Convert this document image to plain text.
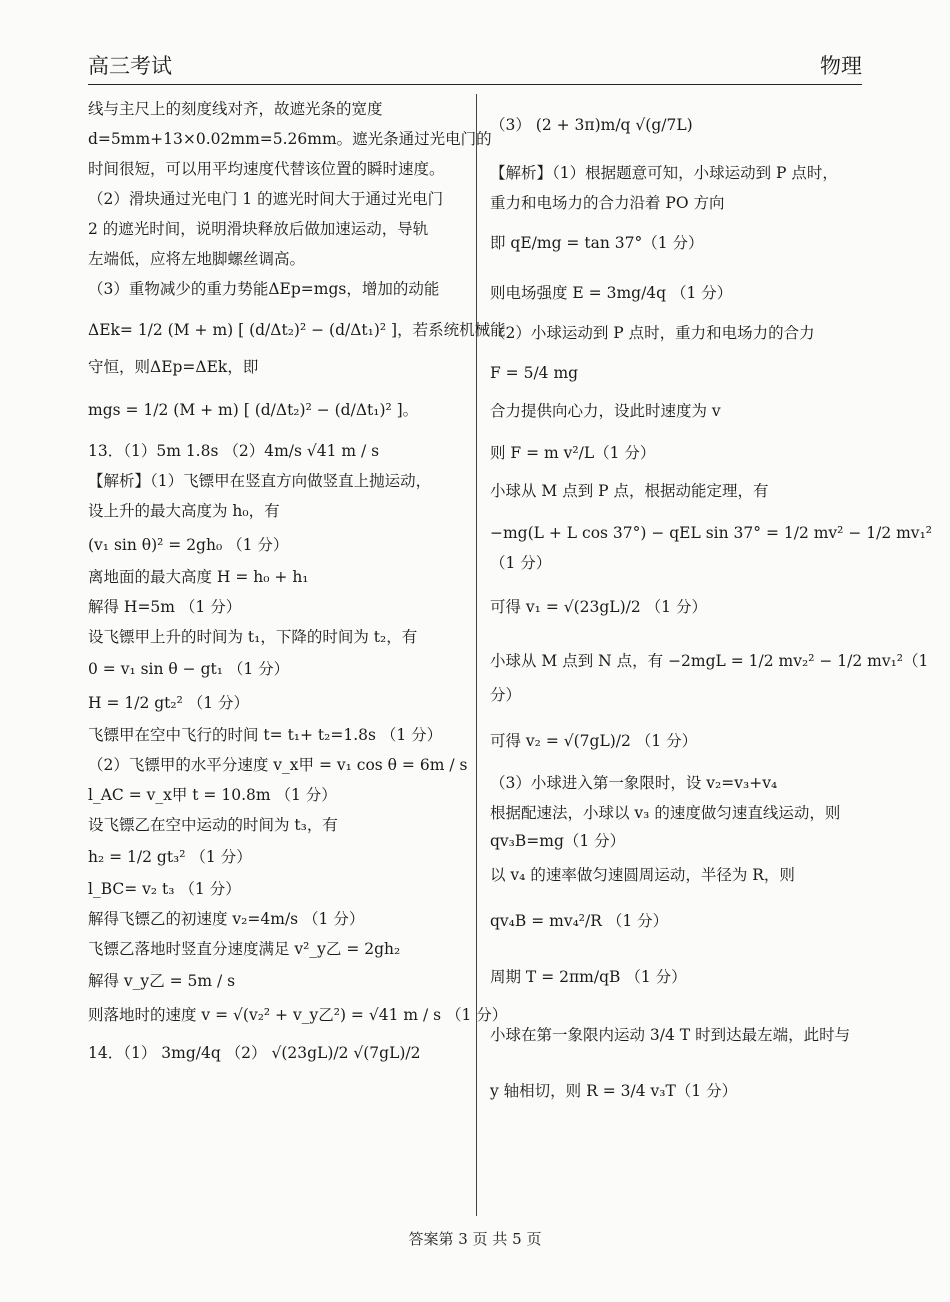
高三考试	物理
线与主尺上的刻度线对齐，故遮光条的宽度
d=5mm+13×0.02mm=5.26mm。遮光条通过光电门的
时间很短，可以用平均速度代替该位置的瞬时速度。
（2）滑块通过光电门 1 的遮光时间大于通过光电门
2 的遮光时间，说明滑块释放后做加速运动，导轨
左端低，应将左地脚螺丝调高。
（3）重物减少的重力势能ΔEp=mgs，增加的动能
ΔEk= 1/2 (M + m) [ (d/Δt₂)² − (d/Δt₁)² ]，若系统机械能
守恒，则ΔEp=ΔEk，即
mgs = 1/2 (M + m) [ (d/Δt₂)² − (d/Δt₁)² ]。
13．（1）5m 1.8s （2）4m/s √41 m / s
【解析】（1）飞镖甲在竖直方向做竖直上抛运动，
设上升的最大高度为 h₀，有
(v₁ sin θ)² = 2gh₀ （1 分）
离地面的最大高度 H = h₀ + h₁
解得 H=5m （1 分）
设飞镖甲上升的时间为 t₁，下降的时间为 t₂，有
0 = v₁ sin θ − gt₁ （1 分）
H = 1/2 gt₂² （1 分）
飞镖甲在空中飞行的时间 t= t₁+ t₂=1.8s （1 分）
（2）飞镖甲的水平分速度 v_x甲 = v₁ cos θ = 6m / s
l_AC = v_x甲 t = 10.8m （1 分）
设飞镖乙在空中运动的时间为 t₃，有
h₂ = 1/2 gt₃² （1 分）
l_BC= v₂ t₃ （1 分）
解得飞镖乙的初速度 v₂=4m/s （1 分）
飞镖乙落地时竖直分速度满足 v²_y乙 = 2gh₂
解得 v_y乙 = 5m / s
则落地时的速度 v = √(v₂² + v_y乙²) = √41 m / s （1 分）
14．（1） 3mg/4q （2） √(23gL)/2 √(7gL)/2
（3） (2 + 3π)m/q √(g/7L)
【解析】（1）根据题意可知，小球运动到 P 点时，
重力和电场力的合力沿着 PO 方向
即 qE/mg = tan 37°（1 分）
则电场强度 E = 3mg/4q （1 分）
（2）小球运动到 P 点时，重力和电场力的合力
F = 5/4 mg
合力提供向心力，设此时速度为 v
则 F = m v²/L（1 分）
小球从 M 点到 P 点，根据动能定理，有
−mg(L + L cos 37°) − qEL sin 37° = 1/2 mv² − 1/2 mv₁²
（1 分）
可得 v₁ = √(23gL)/2 （1 分）
小球从 M 点到 N 点，有 −2mgL = 1/2 mv₂² − 1/2 mv₁²（1
分）
可得 v₂ = √(7gL)/2 （1 分）
（3）小球进入第一象限时，设 v₂=v₃+v₄
根据配速法，小球以 v₃ 的速度做匀速直线运动，则
qv₃B=mg（1 分）
以 v₄ 的速率做匀速圆周运动，半径为 R，则
qv₄B = mv₄²/R （1 分）
周期 T = 2πm/qB （1 分）
小球在第一象限内运动 3/4 T 时到达最左端，此时与
y 轴相切，则 R = 3/4 v₃T（1 分）
答案第 3 页 共 5 页
